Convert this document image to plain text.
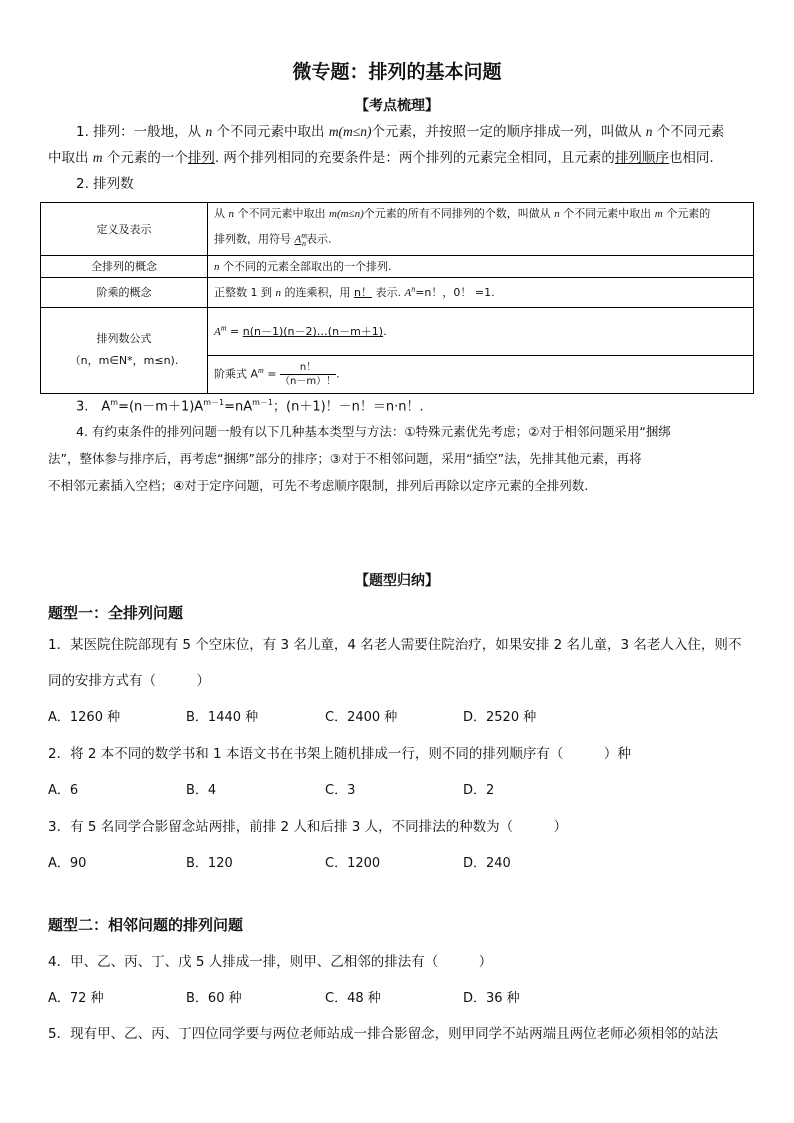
微专题：排列的基本问题
【考点梳理】
1. 排列：一般地，从 n 个不同元素中取出 m(m≤n)个元素，并按照一定的顺序排成一列，叫做从 n 个不同元素
中取出 m 个元素的一个排列. 两个排列相同的充要条件是：两个排列的元素完全相同，且元素的排列顺序也相同.
2. 排列数
定义及表示	从 n 个不同元素中取出 m(m≤n)个元素的所有不同排列的个数，叫做从 n 个不同元素中取出 m 个元素的
排列数，用符号 $A^m_n$表示.
全排列的概念	n 个不同的元素全部取出的一个排列.
阶乘的概念	正整数 1 到 n 的连乘积，用 n！ 表示. $A^n=n$！，0！ =1.
排列数公式
（n，m∈N*，m≤n).	$A^m$ = n(n－1)(n－2)…(n－m＋1).
	阶乘式 $A^m = \frac{n!}{(n-m)!}$ .
3.　$A^m=(n-m+1)A^{m-1}=nA^{m-1}$；(n＋1)！－n！＝n·n！.
4. 有约束条件的排列问题一般有以下几种基本类型与方法：①特殊元素优先考虑；②对于相邻问题采用“捆绑
法”，整体参与排序后，再考虑“捆绑”部分的排序；③对于不相邻问题，采用“插空”法，先排其他元素，再将
不相邻元素插入空档；④对于定序问题，可先不考虑顺序限制，排列后再除以定序元素的全排列数.
【题型归纳】
题型一：全排列问题
1．某医院住院部现有 5 个空床位，有 3 名儿童，4 名老人需要住院治疗，如果安排 2 名儿童，3 名老人入住，则不
同的安排方式有（　　　）
A．1260 种	B．1440 种	C．2400 种	D．2520 种
2．将 2 本不同的数学书和 1 本语文书在书架上随机排成一行，则不同的排列顺序有（　　　）种
A．6	B．4	C．3	D．2
3．有 5 名同学合影留念站两排，前排 2 人和后排 3 人，不同排法的种数为（　　　）
A．90	B．120	C．1200	D．240
题型二：相邻问题的排列问题
4．甲、乙、丙、丁、戊 5 人排成一排，则甲、乙相邻的排法有（　　　）
A．72 种	B．60 种	C．48 种	D．36 种
5．现有甲、乙、丙、丁四位同学要与两位老师站成一排合影留念，则甲同学不站两端且两位老师必须相邻的站法
